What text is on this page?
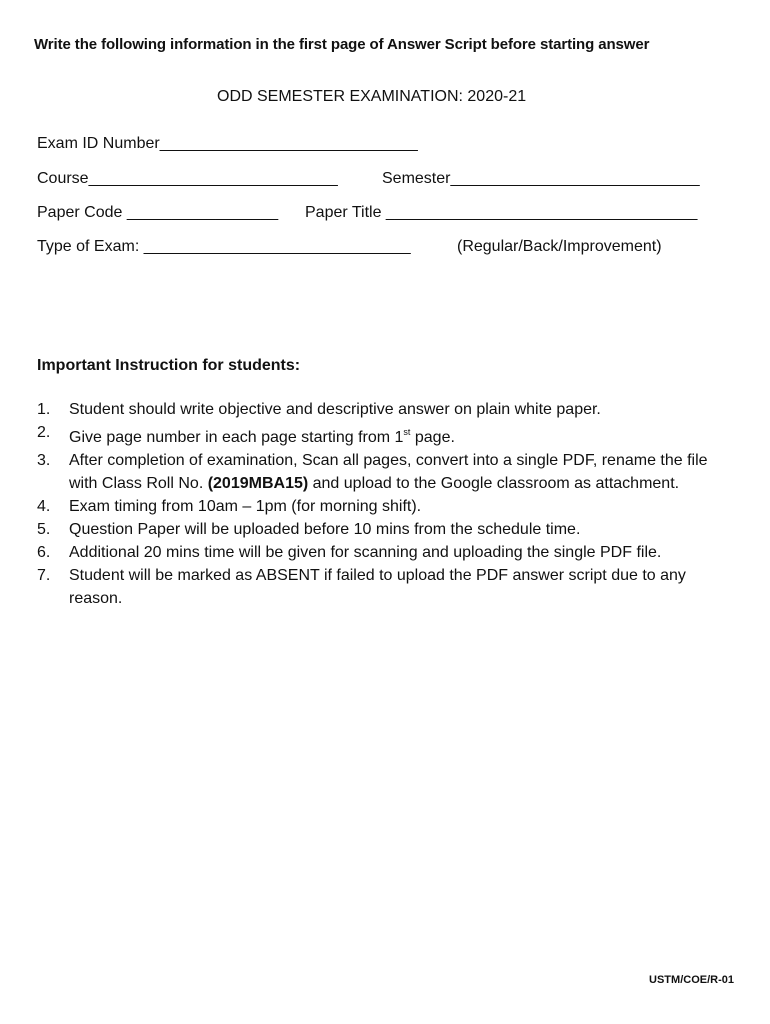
Write the following information in the first page of Answer Script before starting answer
ODD SEMESTER EXAMINATION: 2020-21
Exam ID Number_____________________________
Course____________________________	Semester____________________________
Paper Code _________________ Paper Title ___________________________________
Type of Exam: ______________________________	(Regular/Back/Improvement)
Important Instruction for students:
1. Student should write objective and descriptive answer on plain white paper.
2. Give page number in each page starting from 1st page.
3. After completion of examination, Scan all pages, convert into a single PDF, rename the file with Class Roll No. (2019MBA15) and upload to the Google classroom as attachment.
4. Exam timing from 10am – 1pm (for morning shift).
5. Question Paper will be uploaded before 10 mins from the schedule time.
6. Additional 20 mins time will be given for scanning and uploading the single PDF file.
7. Student will be marked as ABSENT if failed to upload the PDF answer script due to any reason.
USTM/COE/R-01
